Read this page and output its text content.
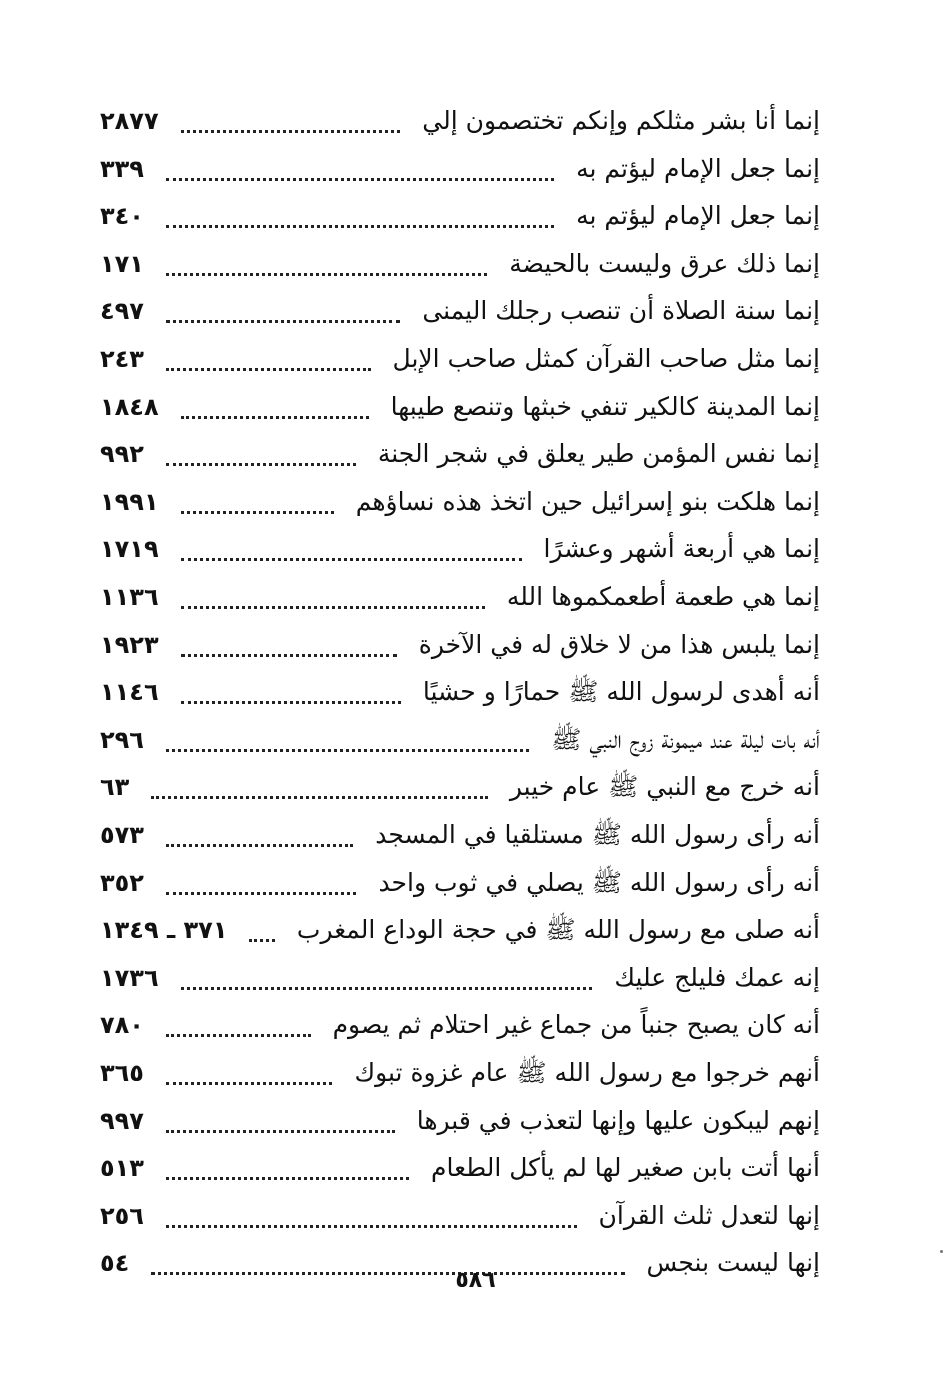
إنما أنا بشر مثلكم وإنكم تختصمون إلي
٢٨٧٧
إنما جعل الإمام ليؤتم به
٣٣٩
إنما جعل الإمام ليؤتم به
٣٤٠
إنما ذلك عرق وليست بالحيضة
١٧١
إنما سنة الصلاة أن تنصب رجلك اليمنى
٤٩٧
إنما مثل صاحب القرآن كمثل صاحب الإبل
٢٤٣
إنما المدينة كالكير تنفي خبثها وتنصع طيبها
١٨٤٨
إنما نفس المؤمن طير يعلق في شجر الجنة
٩٩٢
إنما هلكت بنو إسرائيل حين اتخذ هذه نساؤهم
١٩٩١
إنما هي أربعة أشهر وعشرًا
١٧١٩
إنما هي طعمة أطعمكموها الله
١١٣٦
إنما يلبس هذا من لا خلاق له في الآخرة
١٩٢٣
أنه أهدى لرسول الله ﷺ حمارًا و حشيًا
١١٤٦
أنه بات ليلة عند ميمونة زوج النبي ﷺ
٢٩٦
أنه خرج مع النبي ﷺ عام خيبر
٦٣
أنه رأى رسول الله ﷺ مستلقيا في المسجد
٥٧٣
أنه رأى رسول الله ﷺ يصلي في ثوب واحد
٣٥٢
أنه صلى مع رسول الله ﷺ في حجة الوداع المغرب
٣٧١ ـ ١٣٤٩
إنه عمك فليلج عليك
١٧٣٦
أنه كان يصبح جنباً من جماع غير احتلام ثم يصوم
٧٨٠
أنهم خرجوا مع رسول الله ﷺ عام غزوة تبوك
٣٦٥
إنهم ليبكون عليها وإنها لتعذب في قبرها
٩٩٧
أنها أتت بابن صغير لها لم يأكل الطعام
٥١٣
إنها لتعدل ثلث القرآن
٢٥٦
إنها ليست بنجس
٥٤
٥٨٦
